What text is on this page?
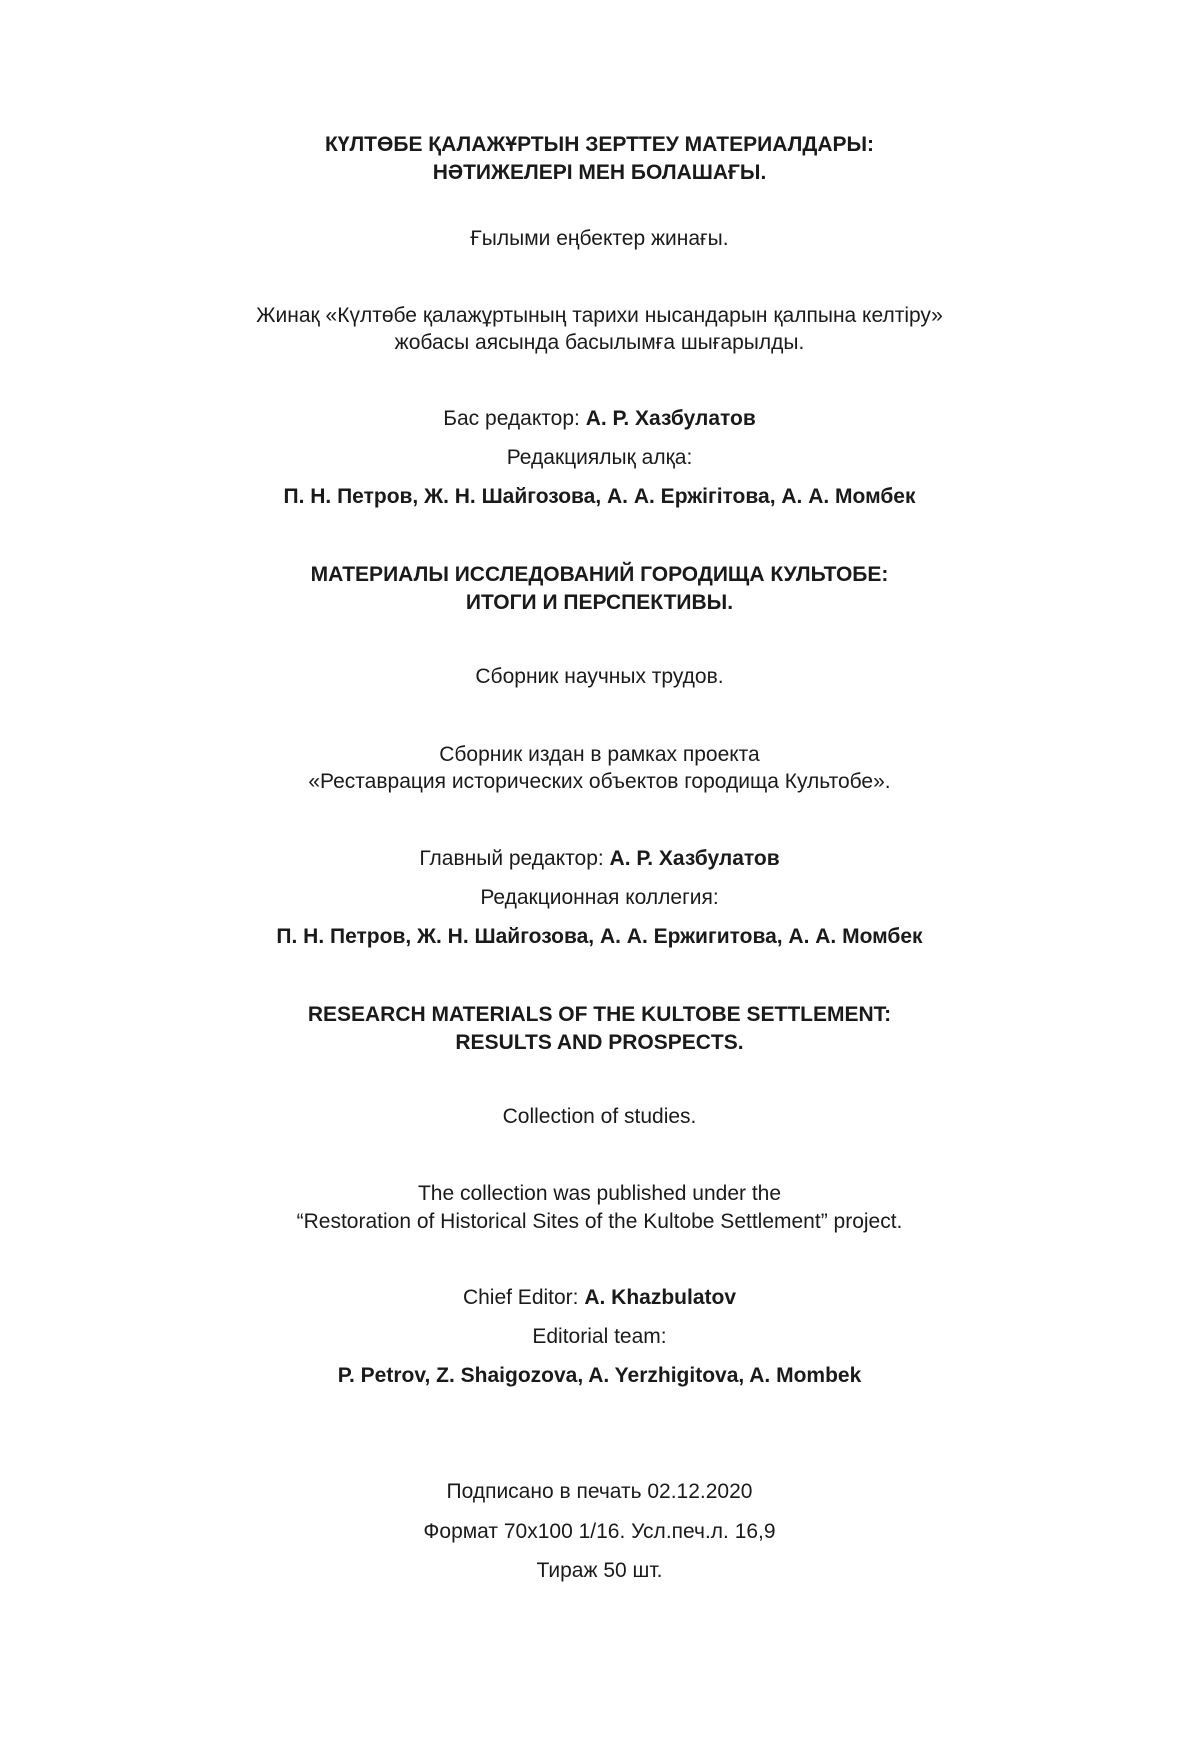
КҮЛТӨБЕ ҚАЛАЖҰРТЫН ЗЕРТТЕУ МАТЕРИАЛДАРЫ:
НӘТИЖЕЛЕРІ МЕН БОЛАШАҒЫ.
Ғылыми еңбектер жинағы.
Жинақ «Күлтөбе қалажұртының тарихи нысандарын қалпына келтіру»
жобасы аясында басылымға шығарылды.
Бас редактор: А. Р. Хазбулатов
Редакциялық алқа:
П. Н. Петров, Ж. Н. Шайгозова, А. А. Ержігітова, А. А. Момбек
МАТЕРИАЛЫ ИССЛЕДОВАНИЙ ГОРОДИЩА КУЛЬТОБЕ:
ИТОГИ И ПЕРСПЕКТИВЫ.
Сборник научных трудов.
Сборник издан в рамках проекта
«Реставрация исторических объектов городища Культобе».
Главный редактор: А. Р. Хазбулатов
Редакционная коллегия:
П. Н. Петров, Ж. Н. Шайгозова, А. А. Ержигитова, А. А. Момбек
RESEARCH MATERIALS OF THE KULTOBE SETTLEMENT:
RESULTS AND PROSPECTS.
Collection of studies.
The collection was published under the
“Restoration of Historical Sites of the Kultobe Settlement” project.
Chief Editor: A. Khazbulatov
Editorial team:
P. Petrov, Z. Shaigozova, A. Yerzhigitova, A. Mombek
Подписано в печать 02.12.2020
Формат 70х100 1/16. Усл.печ.л. 16,9
Тираж 50 шт.
